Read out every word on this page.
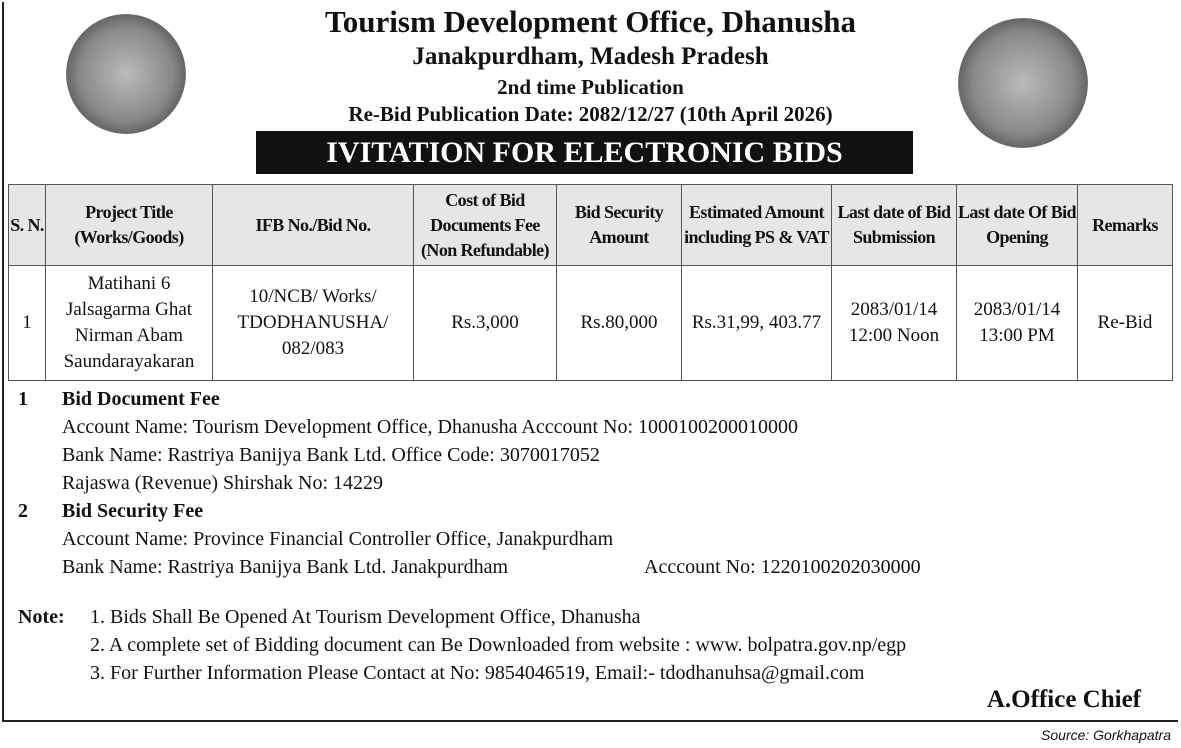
Tourism Development Office, Dhanusha
Janakpurdham, Madesh Pradesh
2nd time Publication
Re-Bid Publication Date: 2082/12/27 (10th April 2026)
IVITATION FOR ELECTRONIC BIDS
S. N.	Project Title (Works/Goods)	IFB No./Bid No.	Cost of Bid Documents Fee (Non Refundable)	Bid Security Amount	Estimated Amount including PS & VAT	Last date of Bid Submission	Last date Of Bid Opening	Remarks
1	Matihani 6 Jalsagarma Ghat Nirman Abam Saundarayakaran	10/NCB/ Works/ TDODHANUSHA/ 082/083	Rs.3,000	Rs.80,000	Rs.31,99, 403.77	2083/01/14 12:00 Noon	2083/01/14 13:00 PM	Re-Bid
1	Bid Document Fee
Account Name: Tourism Development Office, Dhanusha Acccount No: 1000100200010000
Bank Name: Rastriya Banijya Bank Ltd. Office Code: 3070017052
Rajaswa (Revenue) Shirshak No: 14229
2	Bid Security Fee
Account Name: Province Financial Controller Office, Janakpurdham
Bank Name: Rastriya Banijya Bank Ltd. Janakpurdham	Acccount No: 1220100202030000
Note:	1. Bids Shall Be Opened At Tourism Development Office, Dhanusha
2. A complete set of Bidding document can Be Downloaded from website : www. bolpatra.gov.np/egp
3. For Further Information Please Contact at No: 9854046519, Email:- tdodhanuhsa@gmail.com
A.Office Chief
Source: Gorkhapatra
